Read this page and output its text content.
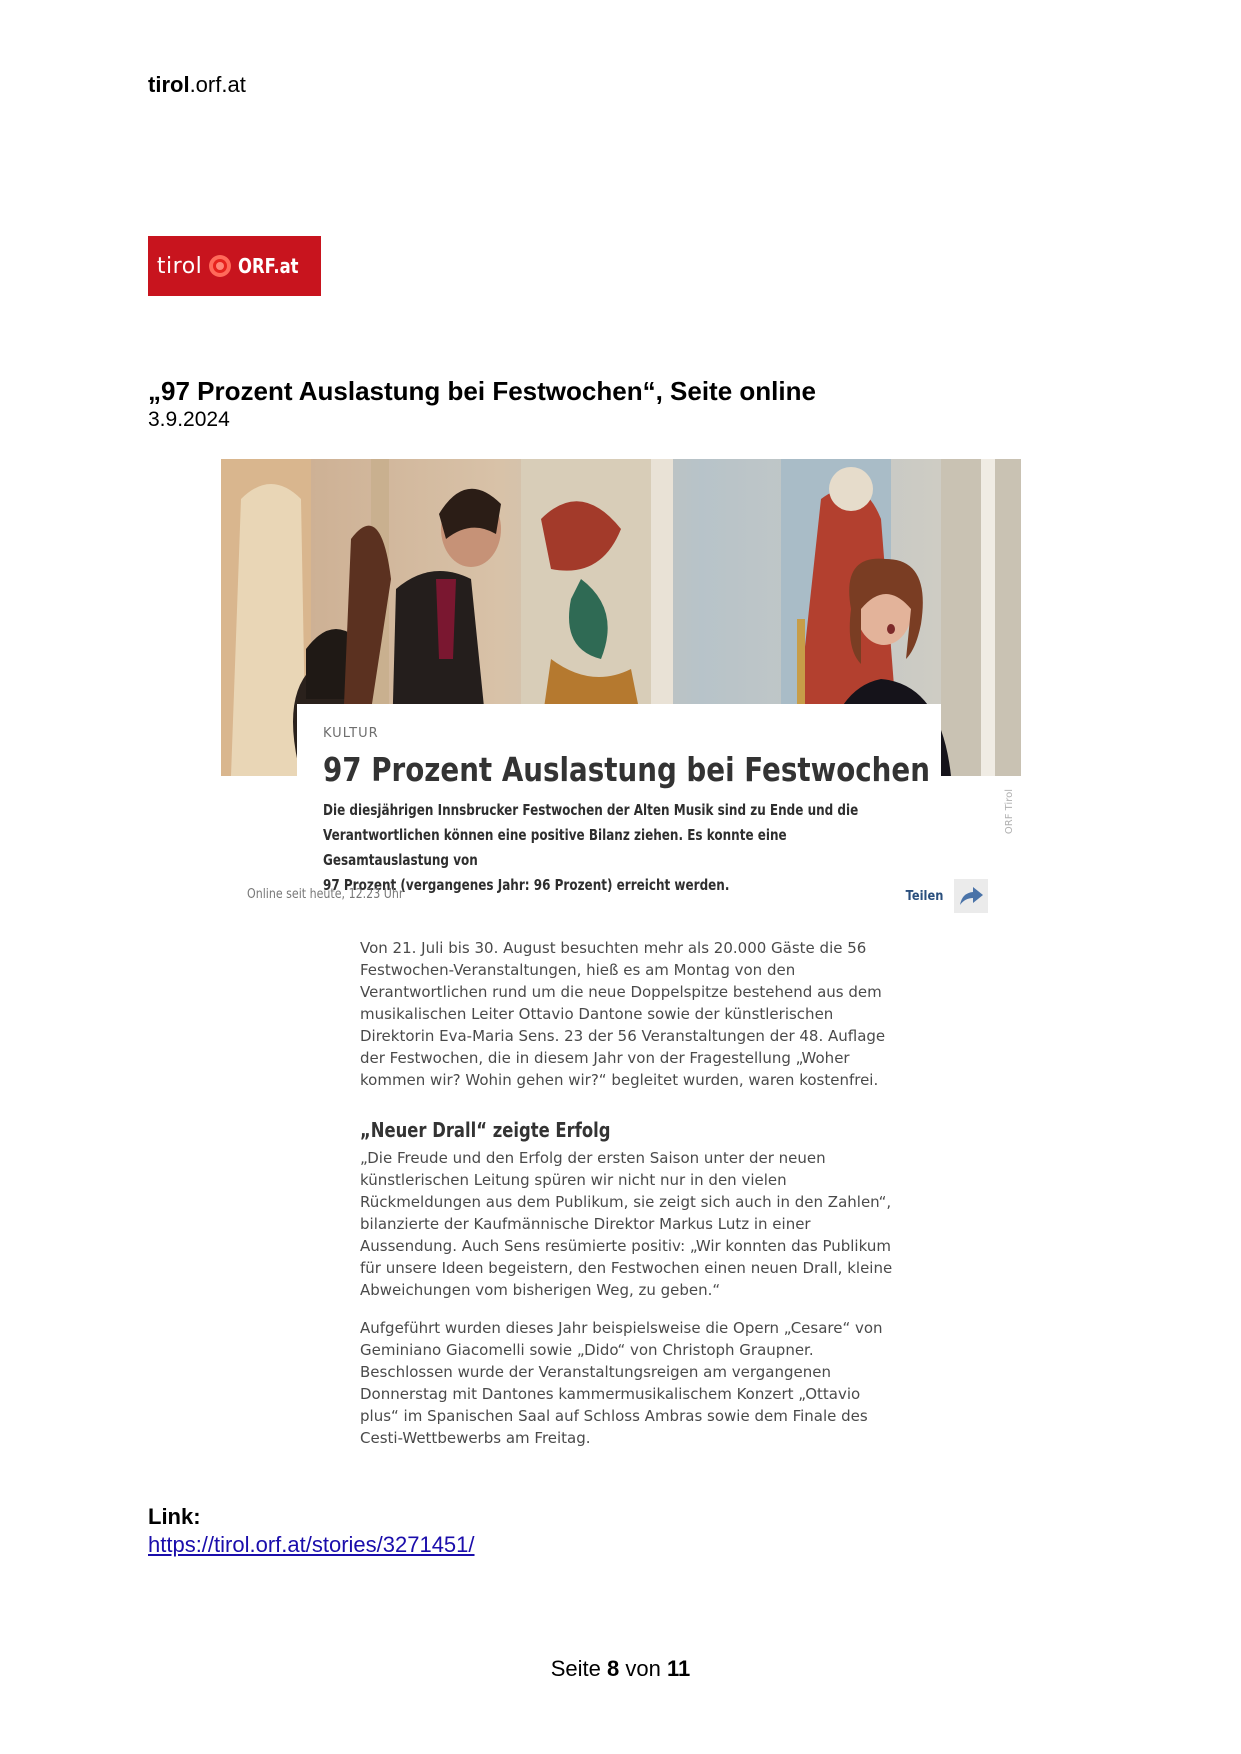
tirol.orf.at
tirol ORF.at
„97 Prozent Auslastung bei Festwochen“, Seite online
3.9.2024
ORF Tirol
KULTUR
97 Prozent Auslastung bei Festwochen
Die diesjährigen Innsbrucker Festwochen der Alten Musik sind zu Ende und die
Verantwortlichen können eine positive Bilanz ziehen. Es konnte eine Gesamtauslastung von
97 Prozent (vergangenes Jahr: 96 Prozent) erreicht werden.
Online seit heute, 12.23 Uhr	Teilen

Von 21. Juli bis 30. August besuchten mehr als 20.000 Gäste die 56
Festwochen-Veranstaltungen, hieß es am Montag von den
Verantwortlichen rund um die neue Doppelspitze bestehend aus dem
musikalischen Leiter Ottavio Dantone sowie der künstlerischen
Direktorin Eva-Maria Sens. 23 der 56 Veranstaltungen der 48. Auflage
der Festwochen, die in diesem Jahr von der Fragestellung „Woher
kommen wir? Wohin gehen wir?“ begleitet wurden, waren kostenfrei.

„Neuer Drall“ zeigte Erfolg

„Die Freude und den Erfolg der ersten Saison unter der neuen
künstlerischen Leitung spüren wir nicht nur in den vielen
Rückmeldungen aus dem Publikum, sie zeigt sich auch in den Zahlen“,
bilanzierte der Kaufmännische Direktor Markus Lutz in einer
Aussendung. Auch Sens resümierte positiv: „Wir konnten das Publikum
für unsere Ideen begeistern, den Festwochen einen neuen Drall, kleine
Abweichungen vom bisherigen Weg, zu geben.“

Aufgeführt wurden dieses Jahr beispielsweise die Opern „Cesare“ von
Geminiano Giacomelli sowie „Dido“ von Christoph Graupner.
Beschlossen wurde der Veranstaltungsreigen am vergangenen
Donnerstag mit Dantones kammermusikalischem Konzert „Ottavio
plus“ im Spanischen Saal auf Schloss Ambras sowie dem Finale des
Cesti-Wettbewerbs am Freitag.

Link:
https://tirol.orf.at/stories/3271451/
Seite 8 von 11
